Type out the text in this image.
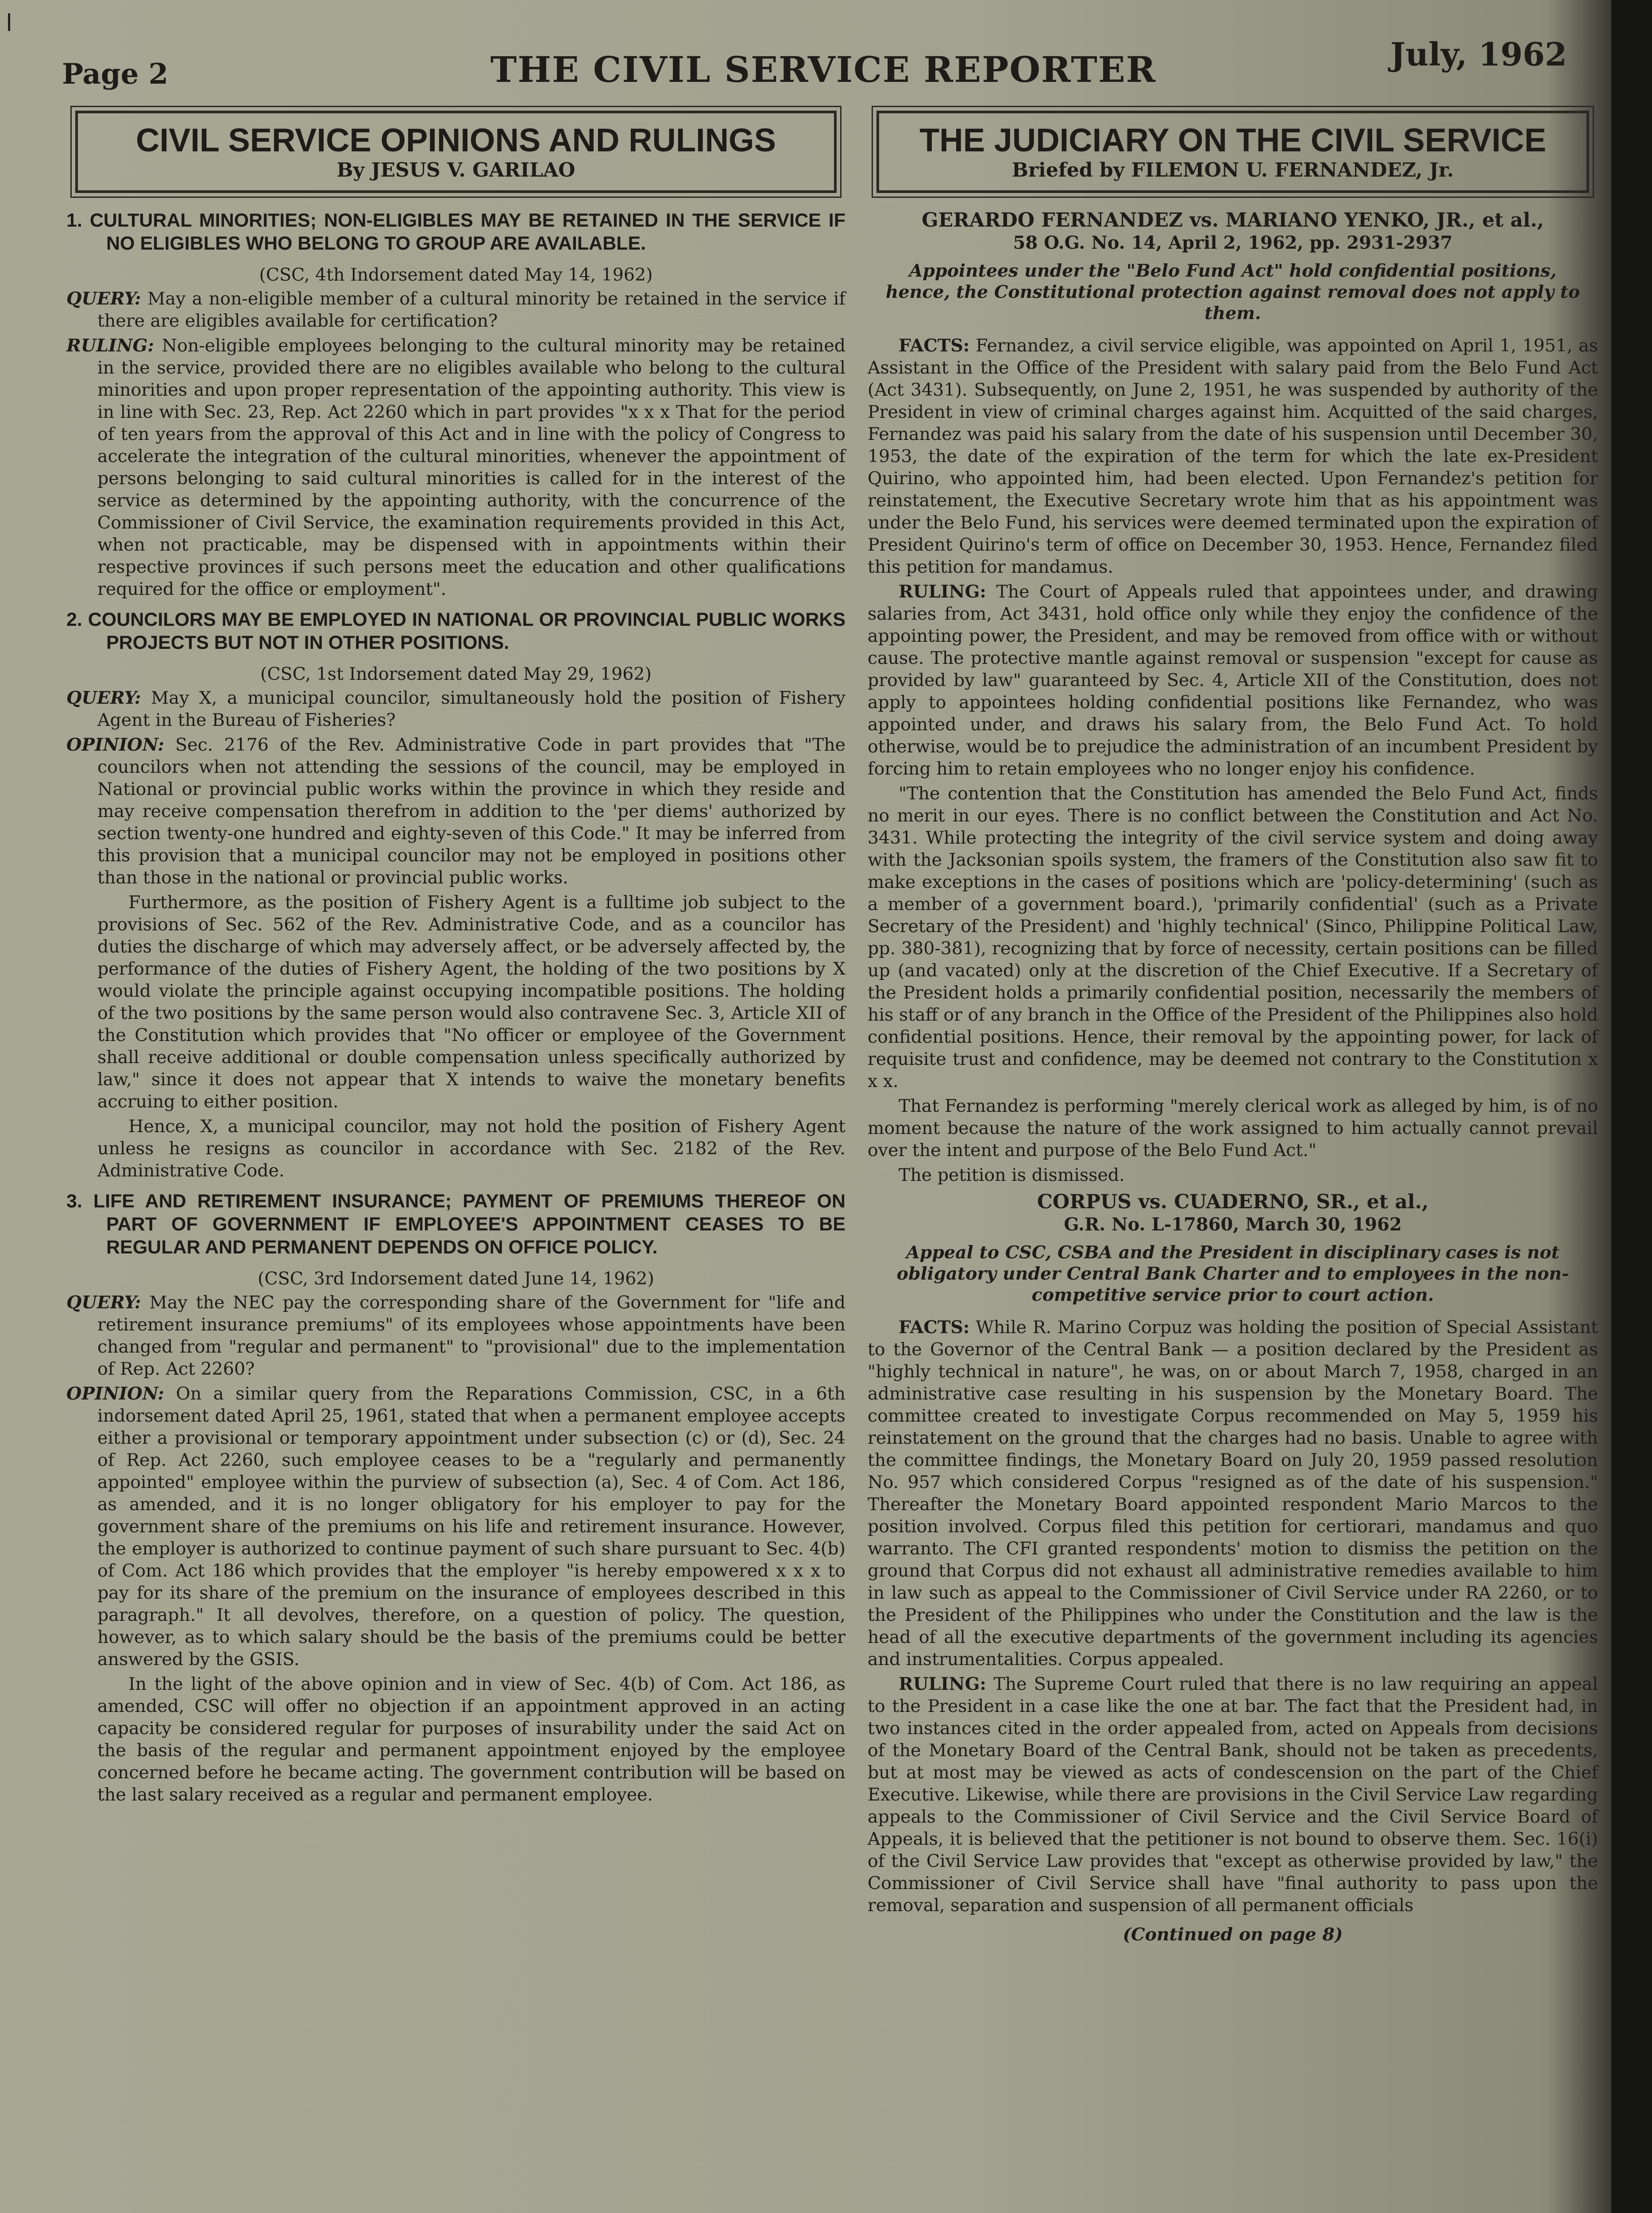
Page 2	THE CIVIL SERVICE REPORTER	July, 1962
CIVIL SERVICE OPINIONS AND RULINGS
By JESUS V. GARILAO
1. CULTURAL MINORITIES; NON-ELIGIBLES MAY BE RETAINED IN THE SERVICE IF NO ELIGIBLES WHO BELONG TO GROUP ARE AVAILABLE.

(CSC, 4th Indorsement dated May 14, 1962)

QUERY: May a non-eligible member of a cultural minority be retained in the service if there are eligibles available for certification?

RULING: Non-eligible employees belonging to the cultural minority may be retained in the service, provided there are no eligibles available who belong to the cultural minorities and upon proper representation of the appointing authority. This view is in line with Sec. 23, Rep. Act 2260 which in part provides "x x x That for the period of ten years from the approval of this Act and in line with the policy of Congress to accelerate the integration of the cultural minorities, whenever the appointment of persons belonging to said cultural minorities is called for in the interest of the service as determined by the appointing authority, with the concurrence of the Commissioner of Civil Service, the examination requirements provided in this Act, when not practicable, may be dispensed with in appointments within their respective provinces if such persons meet the education and other qualifications required for the office or employment".

2. COUNCILORS MAY BE EMPLOYED IN NATIONAL OR PROVINCIAL PUBLIC WORKS PROJECTS BUT NOT IN OTHER POSITIONS.

(CSC, 1st Indorsement dated May 29, 1962)

QUERY: May X, a municipal councilor, simultaneously hold the position of Fishery Agent in the Bureau of Fisheries?

OPINION: Sec. 2176 of the Rev. Administrative Code in part provides that "The councilors when not attending the sessions of the council, may be employed in National or provincial public works within the province in which they reside and may receive compensation therefrom in addition to the 'per diems' authorized by section twenty-one hundred and eighty-seven of this Code." It may be inferred from this provision that a municipal councilor may not be employed in positions other than those in the national or provincial public works.

Furthermore, as the position of Fishery Agent is a fulltime job subject to the provisions of Sec. 562 of the Rev. Administrative Code, and as a councilor has duties the discharge of which may adversely affect, or be adversely affected by, the performance of the duties of Fishery Agent, the holding of the two positions by X would violate the principle against occupying incompatible positions. The holding of the two positions by the same person would also contravene Sec. 3, Article XII of the Constitution which provides that "No officer or employee of the Government shall receive additional or double compensation unless specifically authorized by law," since it does not appear that X intends to waive the monetary benefits accruing to either position.

Hence, X, a municipal councilor, may not hold the position of Fishery Agent unless he resigns as councilor in accordance with Sec. 2182 of the Rev. Administrative Code.

3. LIFE AND RETIREMENT INSURANCE; PAYMENT OF PREMIUMS THEREOF ON PART OF GOVERNMENT IF EMPLOYEE'S APPOINTMENT CEASES TO BE REGULAR AND PERMANENT DEPENDS ON OFFICE POLICY.

(CSC, 3rd Indorsement dated June 14, 1962)

QUERY: May the NEC pay the corresponding share of the Government for "life and retirement insurance premiums" of its employees whose appointments have been changed from "regular and permanent" to "provisional" due to the implementation of Rep. Act 2260?

OPINION: On a similar query from the Reparations Commission, CSC, in a 6th indorsement dated April 25, 1961, stated that when a permanent employee accepts either a provisional or temporary appointment under subsection (c) or (d), Sec. 24 of Rep. Act 2260, such employee ceases to be a "regularly and permanently appointed" employee within the purview of subsection (a), Sec. 4 of Com. Act 186, as amended, and it is no longer obligatory for his employer to pay for the government share of the premiums on his life and retirement insurance. However, the employer is authorized to continue payment of such share pursuant to Sec. 4(b) of Com. Act 186 which provides that the employer "is hereby empowered x x x to pay for its share of the premium on the insurance of employees described in this paragraph." It all devolves, therefore, on a question of policy. The question, however, as to which salary should be the basis of the premiums could be better answered by the GSIS.

In the light of the above opinion and in view of Sec. 4(b) of Com. Act 186, as amended, CSC will offer no objection if an appointment approved in an acting capacity be considered regular for purposes of insurability under the said Act on the basis of the regular and permanent appointment enjoyed by the employee concerned before he became acting. The government contribution will be based on the last salary received as a regular and permanent employee.

THE JUDICIARY ON THE CIVIL SERVICE
Briefed by FILEMON U. FERNANDEZ, Jr.
GERARDO FERNANDEZ vs. MARIANO YENKO, JR., et al.,
58 O.G. No. 14, April 2, 1962, pp. 2931-2937
Appointees under the "Belo Fund Act" hold confidential positions, hence, the Constitutional protection against removal does not apply to them.

FACTS: Fernandez, a civil service eligible, was appointed on April 1, 1951, as Assistant in the Office of the President with salary paid from the Belo Fund Act (Act 3431). Subsequently, on June 2, 1951, he was suspended by authority of the President in view of criminal charges against him. Acquitted of the said charges, Fernandez was paid his salary from the date of his suspension until December 30, 1953, the date of the expiration of the term for which the late ex-President Quirino, who appointed him, had been elected. Upon Fernandez's petition for reinstatement, the Executive Secretary wrote him that as his appointment was under the Belo Fund, his services were deemed terminated upon the expiration of President Quirino's term of office on December 30, 1953. Hence, Fernandez filed this petition for mandamus.

RULING: The Court of Appeals ruled that appointees under, and drawing salaries from, Act 3431, hold office only while they enjoy the confidence of the appointing power, the President, and may be removed from office with or without cause. The protective mantle against removal or suspension "except for cause as provided by law" guaranteed by Sec. 4, Article XII of the Constitution, does not apply to appointees holding confidential positions like Fernandez, who was appointed under, and draws his salary from, the Belo Fund Act. To hold otherwise, would be to prejudice the administration of an incumbent President by forcing him to retain employees who no longer enjoy his confidence.

"The contention that the Constitution has amended the Belo Fund Act, finds no merit in our eyes. There is no conflict between the Constitution and Act No. 3431. While protecting the integrity of the civil service system and doing away with the Jacksonian spoils system, the framers of the Constitution also saw fit to make exceptions in the cases of positions which are 'policy-determining' (such as a member of a government board.), 'primarily confidential' (such as a Private Secretary of the President) and 'highly technical' (Sinco, Philippine Political Law, pp. 380-381), recognizing that by force of necessity, certain positions can be filled up (and vacated) only at the discretion of the Chief Executive. If a Secretary of the President holds a primarily confidential position, necessarily the members of his staff or of any branch in the Office of the President of the Philippines also hold confidential positions. Hence, their removal by the appointing power, for lack of requisite trust and confidence, may be deemed not contrary to the Constitution x x x.

That Fernandez is performing "merely clerical work as alleged by him, is of no moment because the nature of the work assigned to him actually cannot prevail over the intent and purpose of the Belo Fund Act."

The petition is dismissed.

CORPUS vs. CUADERNO, SR., et al.,
G.R. No. L-17860, March 30, 1962
Appeal to CSC, CSBA and the President in disciplinary cases is not obligatory under Central Bank Charter and to employees in the non-competitive service prior to court action.

FACTS: While R. Marino Corpuz was holding the position of Special Assistant to the Governor of the Central Bank — a position declared by the President as "highly technical in nature", he was, on or about March 7, 1958, charged in an administrative case resulting in his suspension by the Monetary Board. The committee created to investigate Corpus recommended on May 5, 1959 his reinstatement on the ground that the charges had no basis. Unable to agree with the committee findings, the Monetary Board on July 20, 1959 passed resolution No. 957 which considered Corpus "resigned as of the date of his suspension." Thereafter the Monetary Board appointed respondent Mario Marcos to the position involved. Corpus filed this petition for certiorari, mandamus and quo warranto. The CFI granted respondents' motion to dismiss the petition on the ground that Corpus did not exhaust all administrative remedies available to him in law such as appeal to the Commissioner of Civil Service under RA 2260, or to the President of the Philippines who under the Constitution and the law is the head of all the executive departments of the government including its agencies and instrumentalities. Corpus appealed.

RULING: The Supreme Court ruled that there is no law requiring an appeal to the President in a case like the one at bar. The fact that the President had, in two instances cited in the order appealed from, acted on Appeals from decisions of the Monetary Board of the Central Bank, should not be taken as precedents, but at most may be viewed as acts of condescension on the part of the Chief Executive. Likewise, while there are provisions in the Civil Service Law regarding appeals to the Commissioner of Civil Service and the Civil Service Board of Appeals, it is believed that the petitioner is not bound to observe them. Sec. 16(i) of the Civil Service Law provides that "except as otherwise provided by law," the Commissioner of Civil Service shall have "final authority to pass upon the removal, separation and suspension of all permanent officials

(Continued on page 8)
